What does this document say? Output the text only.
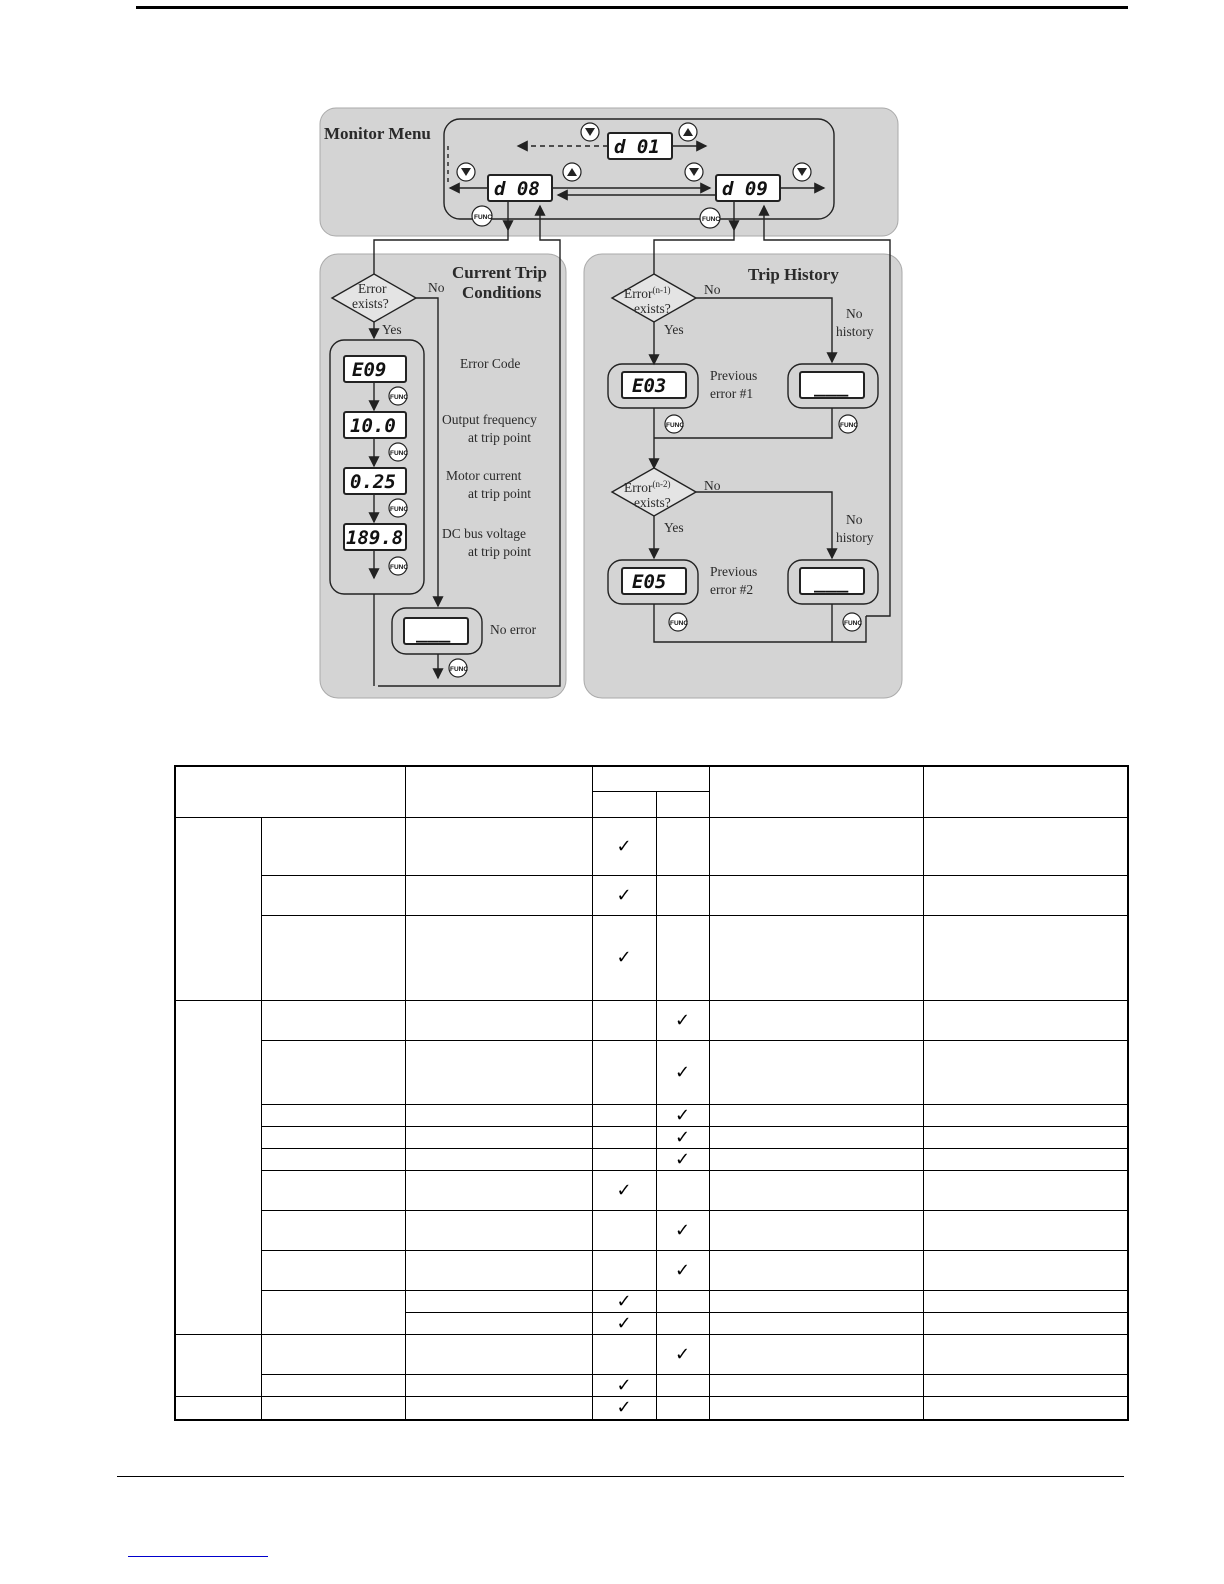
Monitor Menu
d 01
d 08	d 09
FUNC	FUNC
Current Trip
Conditions
Error
exists?
Yes
No
E09
10.0
0.25
189.8
FUNC
FUNC
FUNC
FUNC
Error Code
Output frequency
at trip point
Motor current
at trip point
DC bus voltage
at trip point
___	No error
FUNC
Trip History
Error$^{(n-1)}$
exists?
Yes
No
No
history
E03	Previous
error #1	___
FUNC	FUNC
Error$^{(n-2)}$
exists?
Yes
No
No
history
E05	Previous
error #2	___
FUNC	FUNC

			✓			
			✓			
			✓			
				✓		
				✓		
				✓		
				✓		
				✓		
			✓			
				✓		
				✓		
			✓			
			✓			
				✓		
			✓			
			✓			
